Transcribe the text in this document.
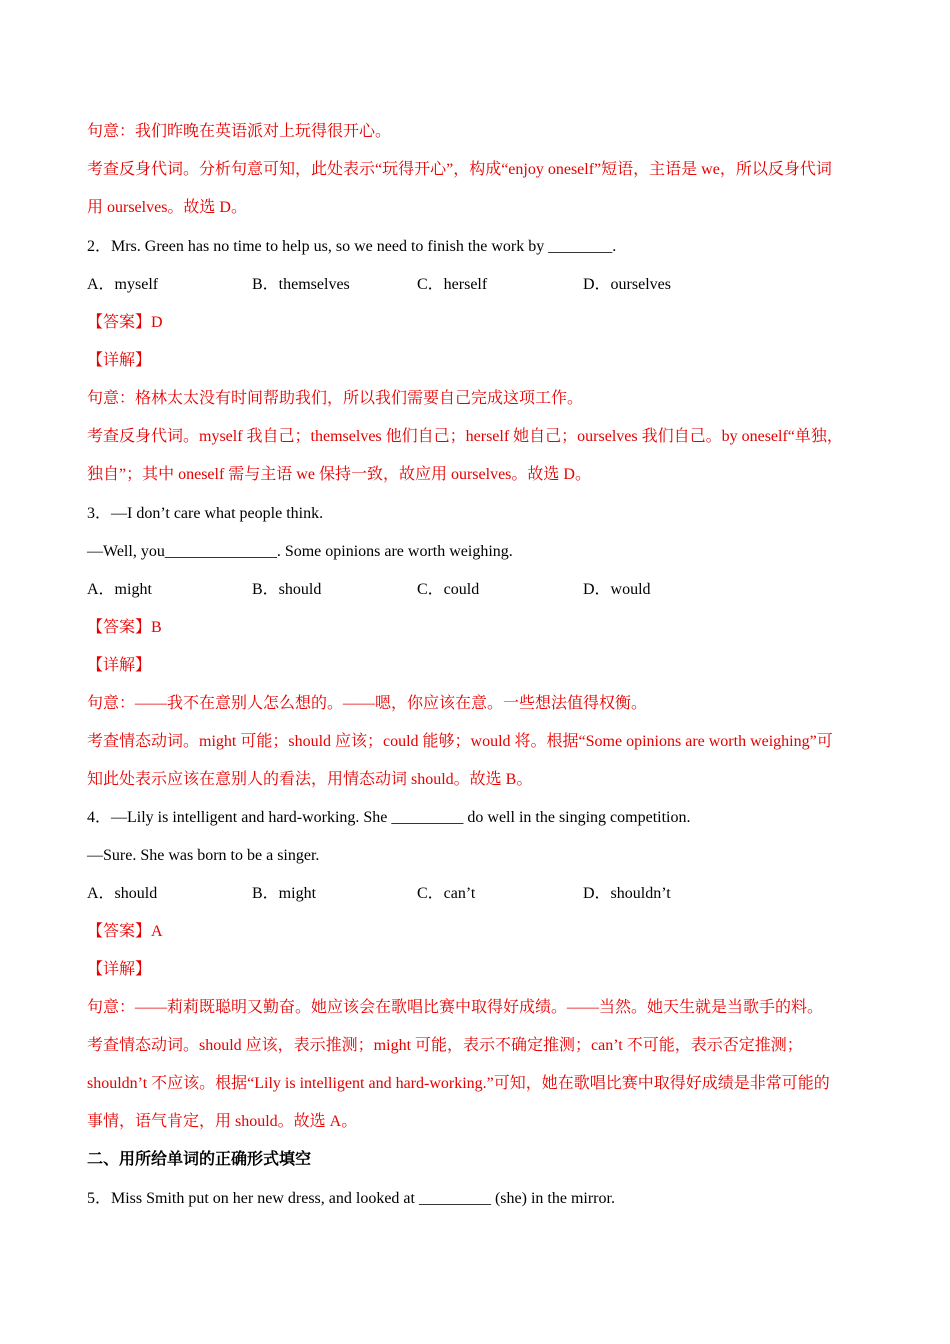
句意：我们昨晚在英语派对上玩得很开心。
考查反身代词。分析句意可知，此处表示“玩得开心”，构成“enjoy oneself”短语，主语是 we，所以反身代词
用 ourselves。故选 D。
2．Mrs. Green has no time to help us, so we need to finish the work by ________.
A．myself	B．themselves	C．herself	D．ourselves
【答案】D
【详解】
句意：格林太太没有时间帮助我们，所以我们需要自己完成这项工作。
考查反身代词。myself 我自己；themselves 他们自己；herself 她自己；ourselves 我们自己。by oneself“单独，
独自”；其中 oneself 需与主语 we 保持一致，故应用 ourselves。故选 D。
3．—I don’t care what people think.
—Well, you______________. Some opinions are worth weighing.
A．might	B．should	C．could	D．would
【答案】B
【详解】
句意：——我不在意别人怎么想的。——嗯，你应该在意。一些想法值得权衡。
考查情态动词。might 可能；should 应该；could 能够；would 将。根据“Some opinions are worth weighing”可
知此处表示应该在意别人的看法，用情态动词 should。故选 B。
4．—Lily is intelligent and hard-working. She _________ do well in the singing competition.
—Sure. She was born to be a singer.
A．should	B．might	C．can’t	D．shouldn’t
【答案】A
【详解】
句意：——莉莉既聪明又勤奋。她应该会在歌唱比赛中取得好成绩。——当然。她天生就是当歌手的料。
考查情态动词。should 应该，表示推测；might 可能，表示不确定推测；can’t 不可能，表示否定推测；
shouldn’t 不应该。根据“Lily is intelligent and hard-working.”可知，她在歌唱比赛中取得好成绩是非常可能的
事情，语气肯定，用 should。故选 A。
二、用所给单词的正确形式填空
5．Miss Smith put on her new dress, and looked at _________ (she) in the mirror.
